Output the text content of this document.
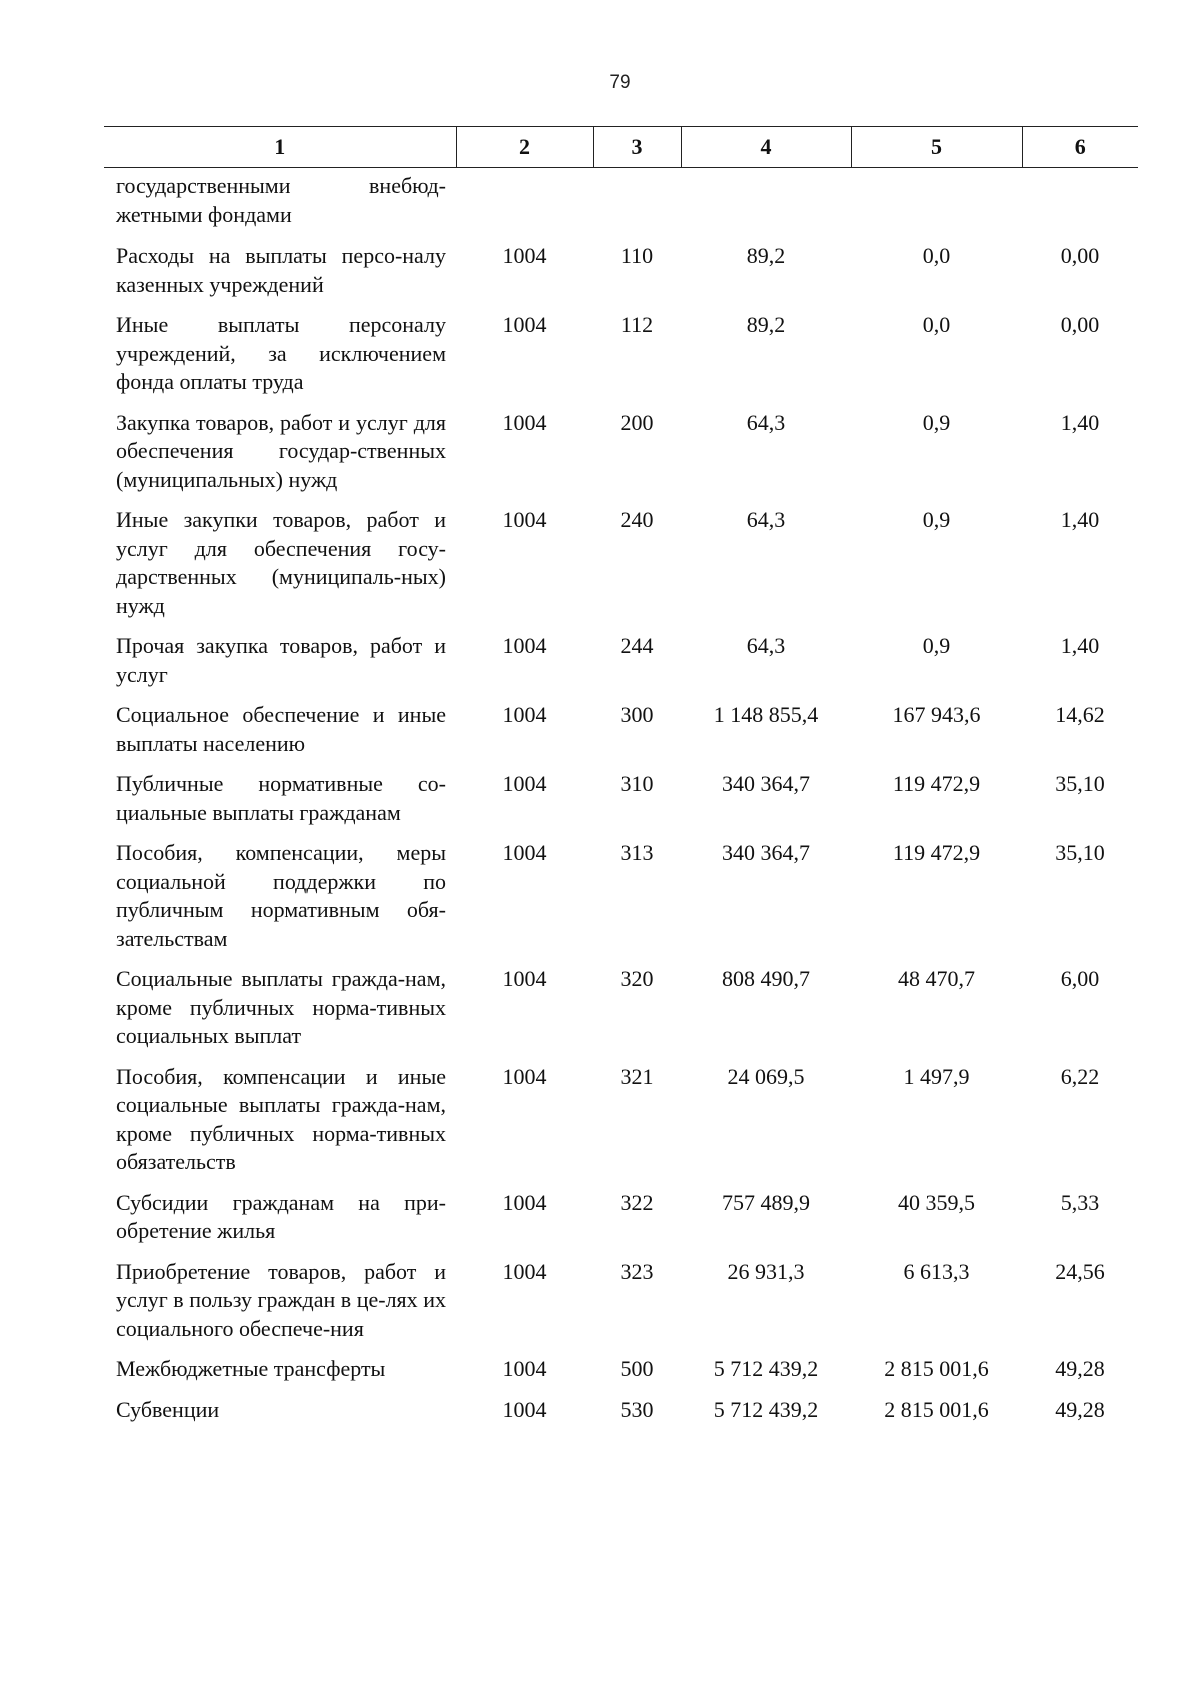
79
1	2	3	4	5	6
государственными внебюд-жетными фондами					
Расходы на выплаты персо-налу казенных учреждений	1004	110	89,2	0,0	0,00
Иные выплаты персоналу учреждений, за исключением фонда оплаты труда	1004	112	89,2	0,0	0,00
Закупка товаров, работ и услуг для обеспечения государ-ственных (муниципальных) нужд	1004	200	64,3	0,9	1,40
Иные закупки товаров, работ и услуг для обеспечения госу-дарственных (муниципаль-ных) нужд	1004	240	64,3	0,9	1,40
Прочая закупка товаров, работ и услуг	1004	244	64,3	0,9	1,40
Социальное обеспечение и иные выплаты населению	1004	300	1 148 855,4	167 943,6	14,62
Публичные нормативные со-циальные выплаты гражданам	1004	310	340 364,7	119 472,9	35,10
Пособия, компенсации, меры социальной поддержки по публичным нормативным обя-зательствам	1004	313	340 364,7	119 472,9	35,10
Социальные выплаты гражда-нам, кроме публичных норма-тивных социальных выплат	1004	320	808 490,7	48 470,7	6,00
Пособия, компенсации и иные социальные выплаты гражда-нам, кроме публичных норма-тивных обязательств	1004	321	24 069,5	1 497,9	6,22
Субсидии гражданам на при-обретение жилья	1004	322	757 489,9	40 359,5	5,33
Приобретение товаров, работ и услуг в пользу граждан в це-лях их социального обеспече-ния	1004	323	26 931,3	6 613,3	24,56
Межбюджетные трансферты	1004	500	5 712 439,2	2 815 001,6	49,28
Субвенции	1004	530	5 712 439,2	2 815 001,6	49,28
